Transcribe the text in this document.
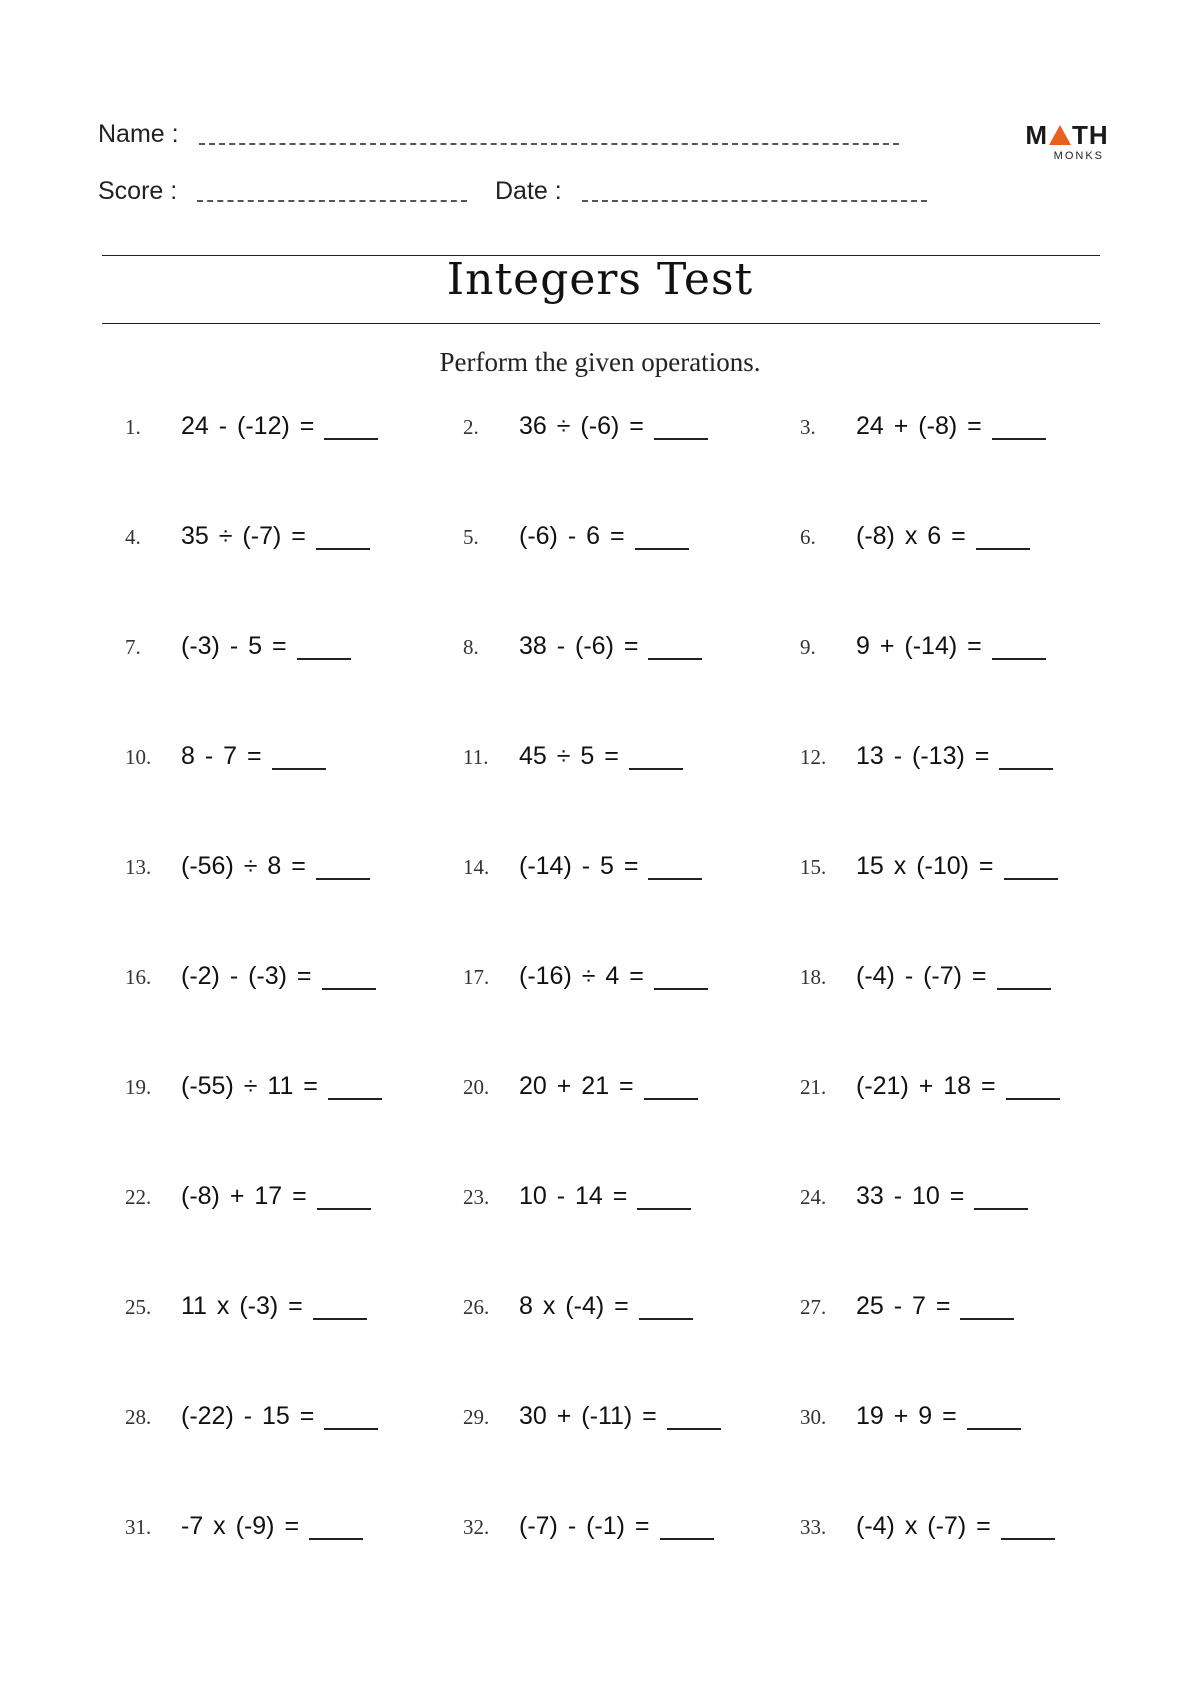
Name :
Score :	Date :
M TH
MONKS
Integers Test
Perform the given operations.
1.	24 - (-12) =	2.	36 ÷ (-6) =	3.	24 + (-8) =
4.	35 ÷ (-7) =	5.	(-6) - 6 =	6.	(-8) x 6 =
7.	(-3) - 5 =	8.	38 - (-6) =	9.	9 + (-14) =
10.	8 - 7 =	11.	45 ÷ 5 =	12.	13 - (-13) =
13.	(-56) ÷ 8 =	14.	(-14) - 5 =	15.	15 x (-10) =
16.	(-2) - (-3) =	17.	(-16) ÷ 4 =	18.	(-4) - (-7) =
19.	(-55) ÷ 11 =	20.	20 + 21 =	21.	(-21) + 18 =
22.	(-8) + 17 =	23.	10 - 14 =	24.	33 - 10 =
25.	11 x (-3) =	26.	8 x (-4) =	27.	25 - 7 =
28.	(-22) - 15 =	29.	30 + (-11) =	30.	19 + 9 =
31.	-7 x (-9) =	32.	(-7) - (-1) =	33.	(-4) x (-7) =
